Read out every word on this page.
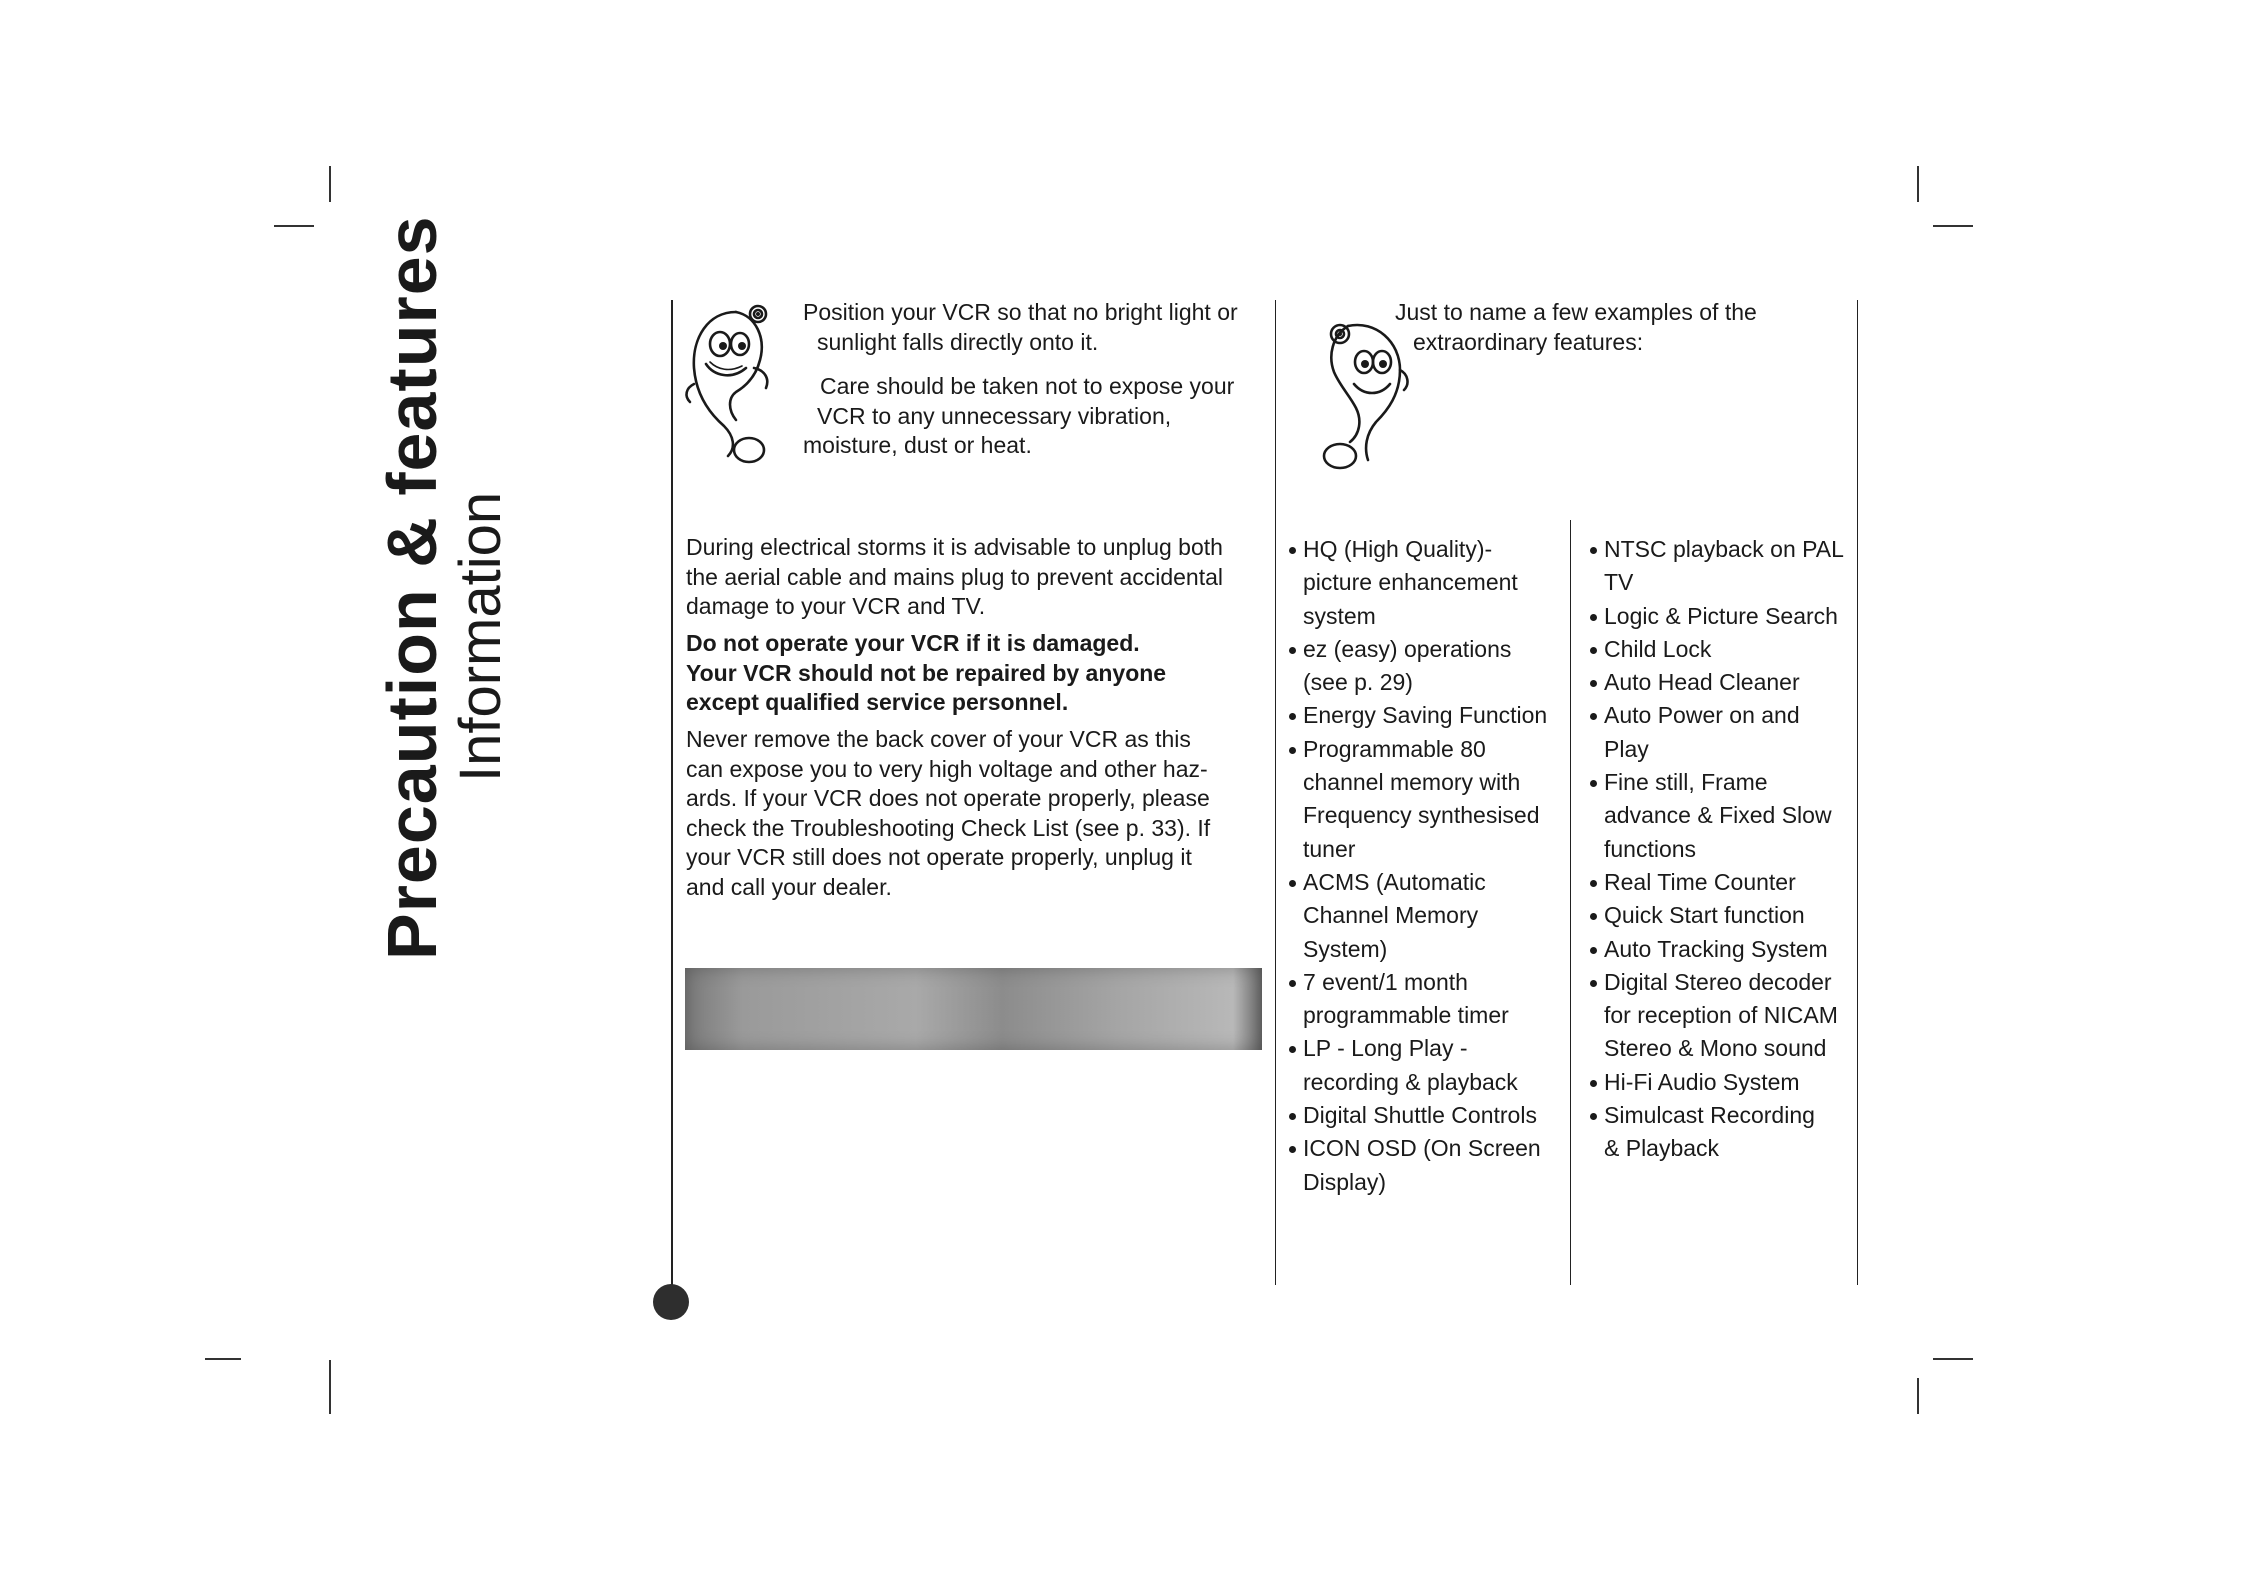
Precaution & features
Information
Position your VCR so that no bright light or
sunlight falls directly onto it.
Care should be taken not to expose your
VCR to any unnecessary vibration,
moisture, dust or heat.
During electrical storms it is advisable to unplug both
the aerial cable and mains plug to prevent accidental
damage to your VCR and TV.
Do not operate your VCR if it is damaged.
Your VCR should not be repaired by anyone
except qualified service personnel.
Never remove the back cover of your VCR as this
can expose you to very high voltage and other haz-
ards. If your VCR does not operate properly, please
check the Troubleshooting Check List (see p. 33). If
your VCR still does not operate properly, unplug it
and call your dealer.
Just to name a few examples of the
extraordinary features:
HQ (High Quality)-
picture enhancement
system
ez (easy) operations
(see p. 29)
Energy Saving Function
Programmable 80
channel memory with
Frequency synthesised
tuner
ACMS (Automatic
Channel Memory
System)
7 event/1 month
programmable timer
LP - Long Play -
recording & playback
Digital Shuttle Controls
ICON OSD (On Screen
Display)
NTSC playback on PAL
TV
Logic & Picture Search
Child Lock
Auto Head Cleaner
Auto Power on and
Play
Fine still, Frame
advance & Fixed Slow
functions
Real Time Counter
Quick Start function
Auto Tracking System
Digital Stereo decoder
for reception of NICAM
Stereo & Mono sound
Hi-Fi Audio System
Simulcast Recording
& Playback
